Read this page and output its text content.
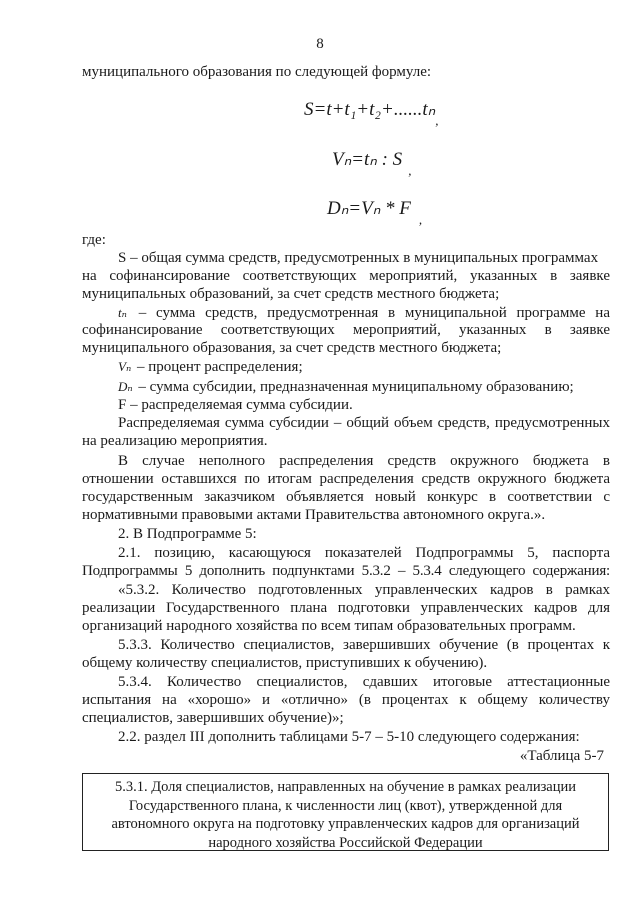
8
муниципального образования по следующей формуле:
S=t+t₁+t₂+......tₙ$_,$
Vₙ=tₙ : $S_,$
$D_n=V_n * F_,$
где:
S – общая сумма средств, предусмотренных в муниципальных программах
на софинансирование соответствующих мероприятий, указанных в заявке
муниципальных образований, за счет средств местного бюджета;
tₙ – сумма средств, предусмотренная в муниципальной программе на
софинансирование соответствующих мероприятий, указанных в заявке
муниципального образования, за счет средств местного бюджета;
Vₙ – процент распределения;
Dₙ – сумма субсидии, предназначенная муниципальному образованию;
F – распределяемая сумма субсидии.
Распределяемая сумма субсидии – общий объем средств, предусмотренных
на реализацию мероприятия.
В случае неполного распределения средств окружного бюджета в
отношении оставшихся по итогам распределения средств окружного бюджета
государственным заказчиком объявляется новый конкурс в соответствии с
нормативными правовыми актами Правительства автономного округа.».
2. В Подпрограмме 5:
2.1. позицию, касающуюся показателей Подпрограммы 5, паспорта
Подпрограммы 5 дополнить подпунктами 5.3.2 – 5.3.4 следующего содержания:
«5.3.2. Количество подготовленных управленческих кадров в рамках
реализации Государственного плана подготовки управленческих кадров для
организаций народного хозяйства по всем типам образовательных программ.
5.3.3. Количество специалистов, завершивших обучение (в процентах к
общему количеству специалистов, приступивших к обучению).
5.3.4. Количество специалистов, сдавших итоговые аттестационные
испытания на «хорошо» и «отлично» (в процентах к общему количеству
специалистов, завершивших обучение)»;
2.2. раздел III дополнить таблицами 5-7 – 5-10 следующего содержания:
«Таблица 5-7
5.3.1. Доля специалистов, направленных на обучение в рамках реализации
Государственного плана, к численности лиц (квот), утвержденной для
автономного округа на подготовку управленческих кадров для организаций
народного хозяйства Российской Федерации
